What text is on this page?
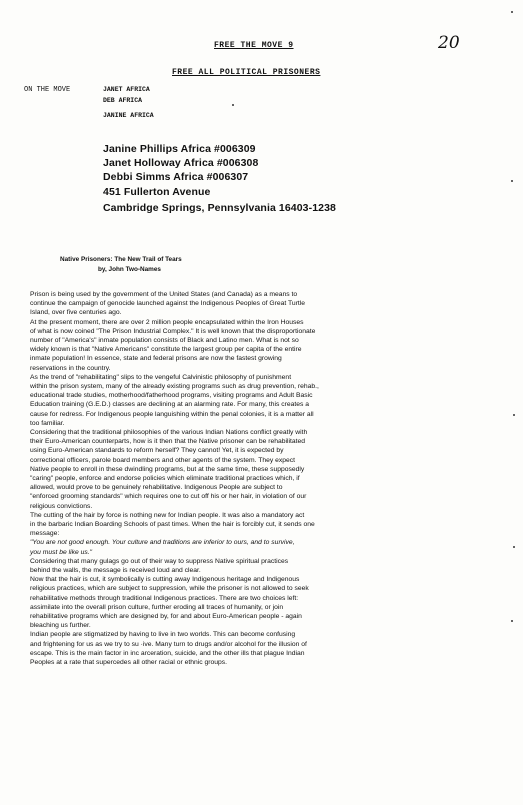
FREE THE MOVE 9	20
FREE ALL POLITICAL PRISONERS
ON THE MOVE	JANET AFRICA
DEB AFRICA
JANINE AFRICA
Janine Phillips Africa #006309
Janet Holloway Africa #006308
Debbi Simms Africa #006307
451 Fullerton Avenue
Cambridge Springs, Pennsylvania 16403-1238
Native Prisoners: The New Trail of Tears
by, John Two-Names
Prison is being used by the government of the United States (and Canada) as a means to
continue the campaign of genocide launched against the Indigenous Peoples of Great Turtle
Island, over five centuries ago.
At the present moment, there are over 2 million people encapsulated within the Iron Houses
of what is now coined "The Prison Industrial Complex." It is well known that the disproportionate
number of "America's" inmate population consists of Black and Latino men. What is not so
widely known is that "Native Americans" constitute the largest group per capita of the entire
inmate population! In essence, state and federal prisons are now the fastest growing
reservations in the country.
As the trend of "rehabilitating" slips to the vengeful Calvinistic philosophy of punishment
within the prison system, many of the already existing programs such as drug prevention, rehab.,
educational trade studies, motherhood/fatherhood programs, visiting programs and Adult Basic
Education training (G.E.D.) classes are declining at an alarming rate. For many, this creates a
cause for redress. For Indigenous people languishing within the penal colonies, it is a matter all
too familiar.
Considering that the traditional philosophies of the various Indian Nations conflict greatly with
their Euro-American counterparts, how is it then that the Native prisoner can be rehabilitated
using Euro-American standards to reform herself? They cannot! Yet, it is expected by
correctional officers, parole board members and other agents of the system. They expect
Native people to enroll in these dwindling programs, but at the same time, these supposedly
"caring" people, enforce and endorse policies which eliminate traditional practices which, if
allowed, would prove to be genuinely rehabilitative. Indigenous People are subject to
"enforced grooming standards" which requires one to cut off his or her hair, in violation of our
religious convictions.
The cutting of the hair by force is nothing new for Indian people. It was also a mandatory act
in the barbaric Indian Boarding Schools of past times. When the hair is forcibly cut, it sends one
message:
"You are not good enough. Your culture and traditions are inferior to ours, and to survive,
you must be like us."
Considering that many gulags go out of their way to suppress Native spiritual practices
behind the walls, the message is received loud and clear.
Now that the hair is cut, it symbolically is cutting away Indigenous heritage and Indigenous
religious practices, which are subject to suppression, while the prisoner is not allowed to seek
rehabilitative methods through traditional Indigenous practices. There are two choices left:
assimilate into the overall prison culture, further eroding all traces of humanity, or join
rehabilitative programs which are designed by, for and about Euro-American people - again
bleaching us further.
Indian people are stigmatized by having to live in two worlds. This can become confusing
and frightening for us as we try to su ·ive. Many turn to drugs and/or alcohol for the illusion of
escape. This is the main factor in inc arceration, suicide, and the other ills that plague Indian
Peoples at a rate that supercedes all other racial or ethnic groups.
